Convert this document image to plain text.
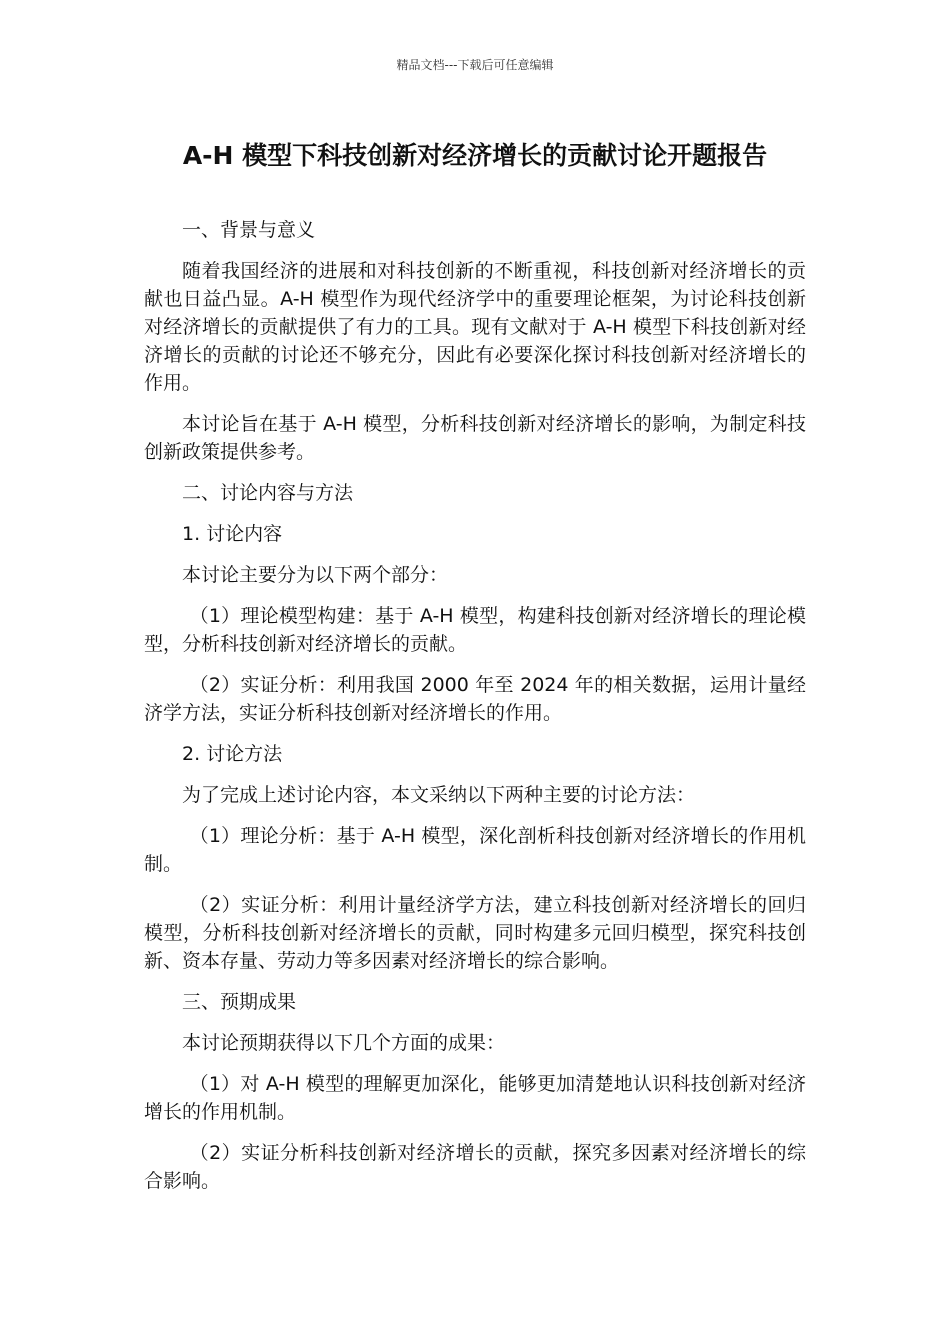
精品文档---下载后可任意编辑
A-H 模型下科技创新对经济增长的贡献讨论开题报告

一、背景与意义

随着我国经济的进展和对科技创新的不断重视，科技创新对经济增长的贡献也日益凸显。A-H 模型作为现代经济学中的重要理论框架，为讨论科技创新对经济增长的贡献提供了有力的工具。现有文献对于 A-H 模型下科技创新对经济增长的贡献的讨论还不够充分，因此有必要深化探讨科技创新对经济增长的作用。

本讨论旨在基于 A-H 模型，分析科技创新对经济增长的影响，为制定科技创新政策提供参考。

二、讨论内容与方法

1. 讨论内容

本讨论主要分为以下两个部分：

（1）理论模型构建：基于 A-H 模型，构建科技创新对经济增长的理论模型，分析科技创新对经济增长的贡献。

（2）实证分析：利用我国 2000 年至 2024 年的相关数据，运用计量经济学方法，实证分析科技创新对经济增长的作用。

2. 讨论方法

为了完成上述讨论内容，本文采纳以下两种主要的讨论方法：

（1）理论分析：基于 A-H 模型，深化剖析科技创新对经济增长的作用机制。

（2）实证分析：利用计量经济学方法，建立科技创新对经济增长的回归模型，分析科技创新对经济增长的贡献，同时构建多元回归模型，探究科技创新、资本存量、劳动力等多因素对经济增长的综合影响。

三、预期成果

本讨论预期获得以下几个方面的成果：

（1）对 A-H 模型的理解更加深化，能够更加清楚地认识科技创新对经济增长的作用机制。

（2）实证分析科技创新对经济增长的贡献，探究多因素对经济增长的综合影响。
